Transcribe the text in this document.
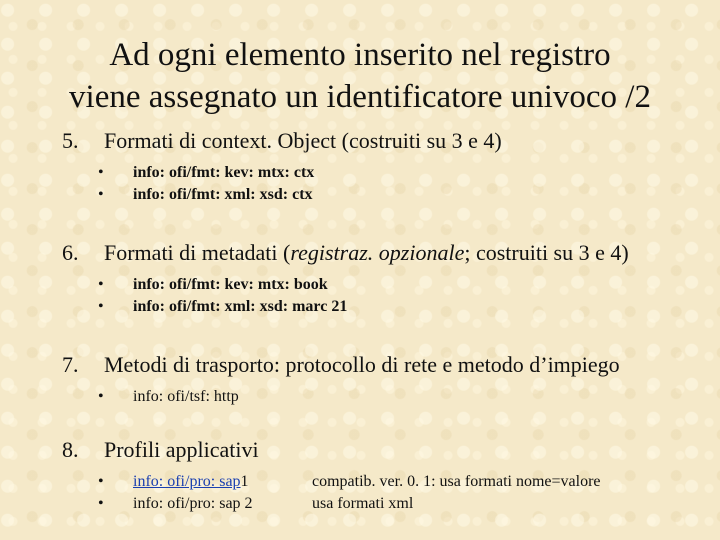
Ad ogni elemento inserito nel registro
viene assegnato un identificatore univoco /2
5. Formati di context. Object (costruiti su 3 e 4)
• info: ofi/fmt: kev: mtx: ctx
• info: ofi/fmt: xml: xsd: ctx
6. Formati di metadati (registraz. opzionale; costruiti su 3 e 4)
• info: ofi/fmt: kev: mtx: book
• info: ofi/fmt: xml: xsd: marc 21
7. Metodi di trasporto: protocollo di rete e metodo d’impiego
• info: ofi/tsf: http
8. Profili applicativi
• info: ofi/pro: sap1	compatib. ver. 0. 1: usa formati nome=valore
• info: ofi/pro: sap 2	usa formati xml
